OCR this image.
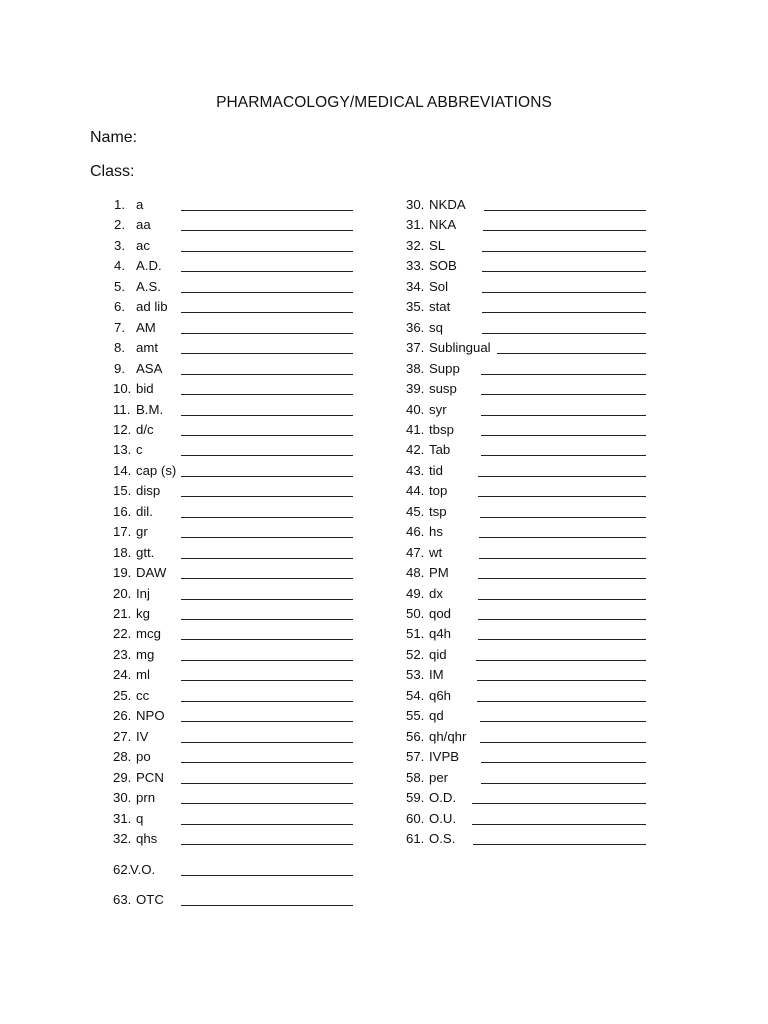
PHARMACOLOGY/MEDICAL ABBREVIATIONS
Name:
Class:
1. a
2. aa
3. ac
4. A.D.
5. A.S.
6. ad lib
7. AM
8. amt
9. ASA
10. bid
11. B.M.
12. d/c
13. c
14. cap (s)
15. disp
16. dil.
17. gr
18. gtt.
19. DAW
20. Inj
21. kg
22. mcg
23. mg
24. ml
25. cc
26. NPO
27. IV
28. po
29. PCN
30. prn
31. q
32. qhs
62.
V.O.
63. OTC
30. NKDA
31. NKA
32. SL
33. SOB
34. Sol
35. stat
36. sq
37. Sublingual
38. Supp
39. susp
40. syr
41. tbsp
42. Tab
43. tid
44. top
45. tsp
46. hs
47. wt
48. PM
49. dx
50. qod
51. q4h
52. qid
53. IM
54. q6h
55. qd
56. qh/qhr
57. IVPB
58. per
59. O.D.
60. O.U.
61. O.S.
